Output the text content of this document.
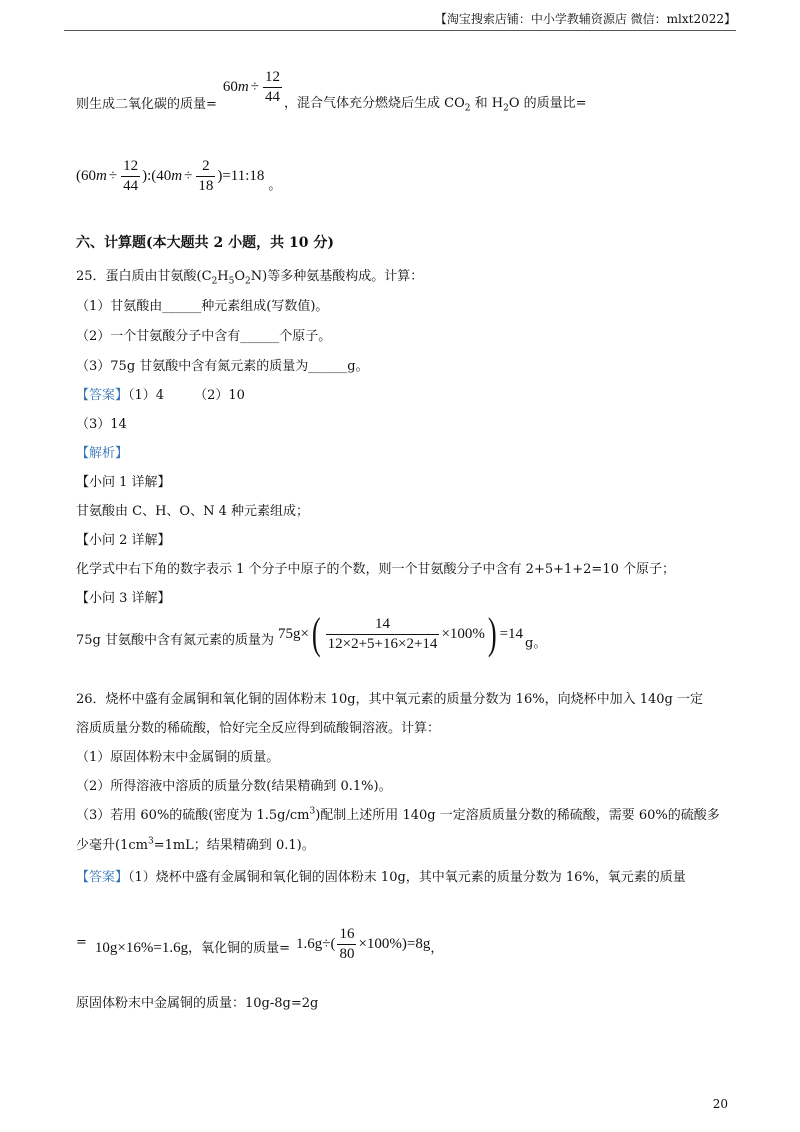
【淘宝搜索店铺：中小学教辅资源店 微信：mlxt2022】
则生成二氧化碳的质量=
60 $m \div \frac{12}{44}$ ，混合气体充分燃烧后生成 $CO_2$ 和 $H_2O$ 的质量比=
(60 $m \div \frac{12}{44}$ ):(40 $m \div \frac{2}{18}$ )=11:18
。
六、计算题(本大题共 2 小题，共 10 分)
25．蛋白质由甘氨酸$(C_2H_5O_2N)$等多种氨基酸构成。计算：
（1）甘氨酸由______种元素组成(写数值)。
（2）一个甘氨酸分子中含有______个原子。
（3）75g 甘氨酸中含有氮元素的质量为______g。
【答案】（1）4 （2）10
（3）14
【解析】
【小问 1 详解】
甘氨酸由 C、H、O、N 4 种元素组成；
【小问 2 详解】
化学式中右下角的数字表示 1 个分子中原子的个数，则一个甘氨酸分子中含有 2+5+1+2=10 个原子；
【小问 3 详解】
75g 甘氨酸中含有氮元素的质量为 75g× ( $\frac{14}{12\times 2+5+16\times 2+14} \times 100\%$ ) =14
g。
26．烧杯中盛有金属铜和氧化铜的固体粉末 10g，其中氧元素的质量分数为 16%，向烧杯中加入 140g 一定
溶质质量分数的稀硫酸，恰好完全反应得到硫酸铜溶液。计算：
（1）原固体粉末中金属铜的质量。
（2）所得溶液中溶质的质量分数(结果精确到 0.1%)。
（3）若用 60%的硫酸(密度为 $1.5g/cm^3$)配制上述所用 140g 一定溶质质量分数的稀硫酸，需要 60%的硫酸多
少毫升($1cm^3=1mL$；结果精确到 0.1)。
【答案】（1）烧杯中盛有金属铜和氧化铜的固体粉末 10g，其中氧元素的质量分数为 16%，氧元素的质量
= 10g×16%=1.6g ，氧化铜的质量= $1.6g\div( \frac{16}{80} \times 100\%)=8g$ ，
原固体粉末中金属铜的质量：10g-8g=2g
20
